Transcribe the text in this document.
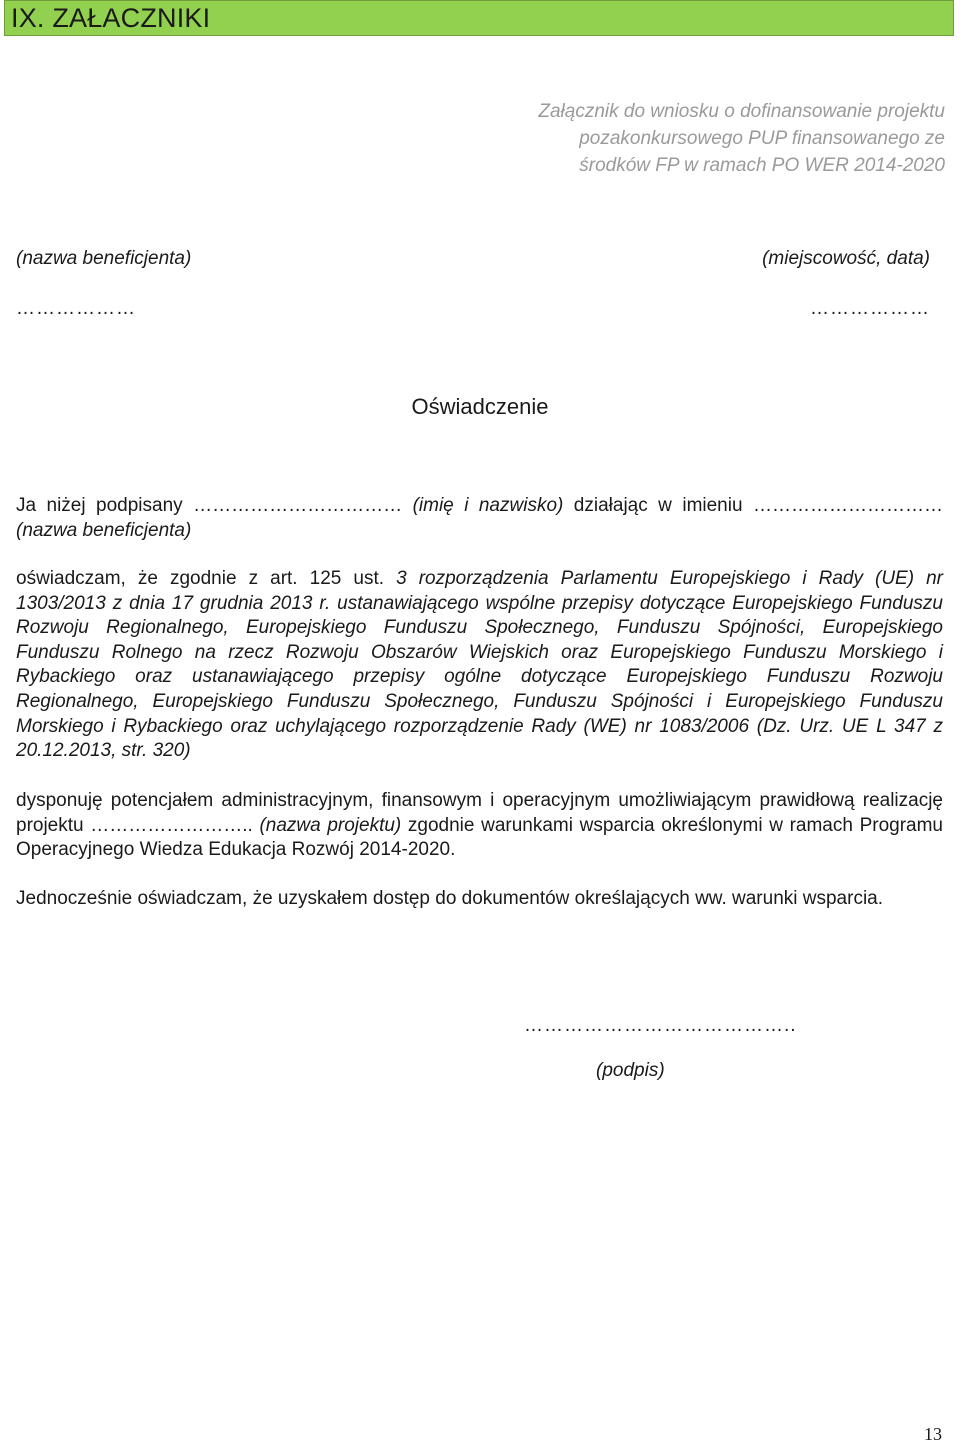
IX. ZAŁACZNIKI
Załącznik do wniosku o dofinansowanie projektu
pozakonkursowego PUP finansowanego ze
środków FP w ramach PO WER 2014-2020
(nazwa beneficjenta)	(miejscowość, data)
………………	………………
Oświadczenie
Ja niżej podpisany …………………………… (imię i nazwisko) działając w imieniu ………………………… (nazwa beneficjenta)
oświadczam, że zgodnie z art. 125 ust. 3 rozporządzenia Parlamentu Europejskiego i Rady (UE) nr 1303/2013 z dnia 17 grudnia 2013 r. ustanawiającego wspólne przepisy dotyczące Europejskiego Funduszu Rozwoju Regionalnego, Europejskiego Funduszu Społecznego, Funduszu Spójności, Europejskiego Funduszu Rolnego na rzecz Rozwoju Obszarów Wiejskich oraz Europejskiego Funduszu Morskiego i Rybackiego oraz ustanawiającego przepisy ogólne dotyczące Europejskiego Funduszu Rozwoju Regionalnego, Europejskiego Funduszu Społecznego, Funduszu Spójności i Europejskiego Funduszu Morskiego i Rybackiego oraz uchylającego rozporządzenie Rady (WE) nr 1083/2006 (Dz. Urz. UE L 347 z 20.12.2013, str. 320)
dysponuję potencjałem administracyjnym, finansowym i operacyjnym umożliwiającym prawidłową realizację projektu …………………….. (nazwa projektu) zgodnie warunkami wsparcia określonymi w ramach Programu Operacyjnego Wiedza Edukacja Rozwój 2014-2020.
Jednocześnie oświadczam, że uzyskałem dostęp do dokumentów określających ww. warunki wsparcia.
…………………………………..
(podpis)
13
